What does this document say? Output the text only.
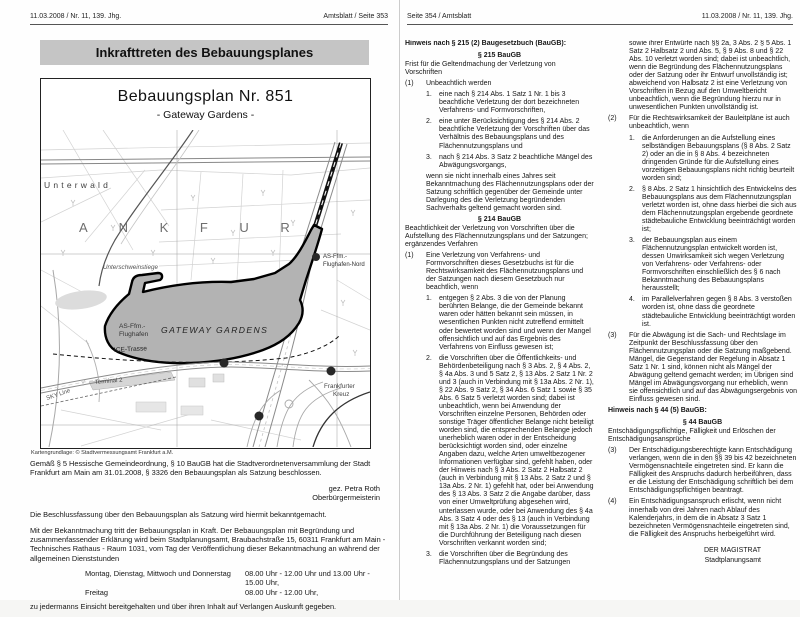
11.03.2008 / Nr. 11, 139. Jhg.	Amtsblatt / Seite 353
Inkrafttreten des Bebauungsplanes
Bebauungsplan Nr. 851
- Gateway Gardens -
Unterwald
A N K F U R
Unterschweinstiege
AS-Ffm.-
Flughafen-Nord
AS-Ffm.-
Flughafen GATEWAY GARDENS
ICE-Trasse
Terminal 2
SKY Line
Frankfurter
Kreuz
Kartengrundlage: © Stadtvermessungsamt Frankfurt a.M.

Gemäß § 5 Hessische Gemeindeordnung, § 10 BauGB hat die Stadtverordnetenversammlung der Stadt Frankfurt am Main am 31.01.2008, § 3326 den Bebauungsplan als Satzung beschlossen.

gez. Petra Roth
Oberbürgermeisterin

Die Beschlussfassung über den Bebauungsplan als Satzung wird hiermit bekanntgemacht.

Mit der Bekanntmachung tritt der Bebauungsplan in Kraft. Der Bebauungsplan mit Begründung und zusammenfassender Erklärung wird beim Stadtplanungsamt, Braubachstraße 15, 60311 Frankfurt am Main - Technisches Rathaus - Raum 1031, vom Tag der Veröffentlichung dieser Bekanntmachung an während der allgemeinen Dienststunden

Montag, Dienstag, Mittwoch und Donnerstag	08.00 Uhr - 12.00 Uhr und 13.00 Uhr - 15.00 Uhr,
Freitag	08.00 Uhr - 12.00 Uhr,

zu jedermanns Einsicht bereitgehalten und über ihren Inhalt auf Verlangen Auskunft gegeben.

Seite 354 / Amtsblatt	11.03.2008 / Nr. 11, 139. Jhg.
Hinweis nach § 215 (2) Baugesetzbuch (BauGB):
§ 215 BauGB
Frist für die Geltendmachung der Verletzung von Vorschriften
(1)	Unbeachtlich werden
1.	eine nach § 214 Abs. 1 Satz 1 Nr. 1 bis 3 beachtliche Verletzung der dort bezeichneten Verfahrens- und Formvorschriften,
2.	eine unter Berücksichtigung des § 214 Abs. 2 beachtliche Verletzung der Vorschriften über das Verhältnis des Bebauungsplans und des Flächennutzungsplans und
3.	nach § 214 Abs. 3 Satz 2 beachtliche Mängel des Abwägungsvorgangs,
wenn sie nicht innerhalb eines Jahres seit Bekanntmachung des Flächennutzungsplans oder der Satzung schriftlich gegenüber der Gemeinde unter Darlegung des die Verletzung begründenden Sachverhalts geltend gemacht worden sind.
§ 214 BauGB
Beachtlichkeit der Verletzung von Vorschriften über die Aufstellung des Flächennutzungsplans und der Satzungen; ergänzendes Verfahren
(1)	Eine Verletzung von Verfahrens- und Formvorschriften dieses Gesetzbuchs ist für die Rechtswirksamkeit des Flächennutzungsplans und der Satzungen nach diesem Gesetzbuch nur beachtlich, wenn
1.	entgegen § 2 Abs. 3 die von der Planung berührten Belange, die der Gemeinde bekannt waren oder hätten bekannt sein müssen, in wesentlichen Punkten nicht zutreffend ermittelt oder bewertet worden sind und wenn der Mangel offensichtlich und auf das Ergebnis des Verfahrens von Einfluss gewesen ist;
2.	die Vorschriften über die Öffentlichkeits- und Behördenbeteiligung nach § 3 Abs. 2, § 4 Abs. 2, § 4a Abs. 3 und 5 Satz 2, § 13 Abs. 2 Satz 1 Nr. 2 und 3 (auch in Verbindung mit § 13a Abs. 2 Nr. 1), § 22 Abs. 9 Satz 2, § 34 Abs. 6 Satz 1 sowie § 35 Abs. 6 Satz 5 verletzt worden sind; dabei ist unbeachtlich, wenn bei Anwendung der Vorschriften einzelne Personen, Behörden oder sonstige Träger öffentlicher Belange nicht beteiligt worden sind, die entsprechenden Belange jedoch unerheblich waren oder in der Entscheidung berücksichtigt worden sind, oder einzelne Angaben dazu, welche Arten umweltbezogener Informationen verfügbar sind, gefehlt haben, oder der Hinweis nach § 3 Abs. 2 Satz 2 Halbsatz 2 (auch in Verbindung mit § 13 Abs. 2 Satz 2 und § 13a Abs. 2 Nr. 1) gefehlt hat, oder bei Anwendung des § 13 Abs. 3 Satz 2 die Angabe darüber, dass von einer Umweltprüfung abgesehen wird, unterlassen wurde, oder bei Anwendung des § 4a Abs. 3 Satz 4 oder des § 13 (auch in Verbindung mit § 13a Abs. 2 Nr. 1) die Voraussetzungen für die Durchführung der Beteiligung nach diesen Vorschriften verkannt worden sind;
3.	die Vorschriften über die Begründung des Flächennutzungsplans und der Satzungen
sowie ihrer Entwürfe nach §§ 2a, 3 Abs. 2 § 5 Abs. 1 Satz 2 Halbsatz 2 und Abs. 5, § 9 Abs. 8 und § 22 Abs. 10 verletzt worden sind; dabei ist unbeachtlich, wenn die Begründung des Flächennutzungsplans oder der Satzung oder ihr Entwurf unvollständig ist; abweichend von Halbsatz 2 ist eine Verletzung von Vorschriften in Bezug auf den Umweltbericht unbeachtlich, wenn die Begründung hierzu nur in unwesentlichen Punkten unvollständig ist.
(2)	Für die Rechtswirksamkeit der Bauleitpläne ist auch unbeachtlich, wenn
1.	die Anforderungen an die Aufstellung eines selbständigen Bebauungsplans (§ 8 Abs. 2 Satz 2) oder an die in § 8 Abs. 4 bezeichneten dringenden Gründe für die Aufstellung eines vorzeitigen Bebauungsplans nicht richtig beurteilt worden sind;
2.	§ 8 Abs. 2 Satz 1 hinsichtlich des Entwickelns des Bebauungsplans aus dem Flächennutzungsplan verletzt worden ist, ohne dass hierbei die sich aus dem Flächennutzungsplan ergebende geordnete städtebauliche Entwicklung beeinträchtigt worden ist;
3.	der Bebauungsplan aus einem Flächennutzungsplan entwickelt worden ist, dessen Unwirksamkeit sich wegen Verletzung von Verfahrens- oder Verfahrens- oder Formvorschriften einschließlich des § 6 nach Bekanntmachung des Bebauungsplans herausstellt;
4.	im Parallelverfahren gegen § 8 Abs. 3 verstoßen worden ist, ohne dass die geordnete städtebauliche Entwicklung beeinträchtigt worden ist.
(3)	Für die Abwägung ist die Sach- und Rechtslage im Zeitpunkt der Beschlussfassung über den Flächennutzungsplan oder die Satzung maßgebend. Mängel, die Gegenstand der Regelung in Absatz 1 Satz 1 Nr. 1 sind, können nicht als Mängel der Abwägung geltend gemacht werden; im Übrigen sind Mängel im Abwägungsvorgang nur erheblich, wenn sie offensichtlich und auf das Abwägungsergebnis von Einfluss gewesen sind.
Hinweis nach § 44 (5) BauGB:
§ 44 BauGB
Entschädigungspflichtige, Fälligkeit und Erlöschen der Entschädigungsansprüche
(3)	Der Entschädigungsberechtigte kann Entschädigung verlangen, wenn die in den §§ 39 bis 42 bezeichneten Vermögensnachteile eingetreten sind. Er kann die Fälligkeit des Anspruchs dadurch herbeiführen, dass er die Leistung der Entschädigung schriftlich bei dem Entschädigungspflichtigen beantragt.
(4)	Ein Entschädigungsanspruch erlischt, wenn nicht innerhalb von drei Jahren nach Ablauf des Kalenderjahrs, in dem die in Absatz 3 Satz 1 bezeichneten Vermögensnachteile eingetreten sind, die Fälligkeit des Anspruchs herbeigeführt wird.
DER MAGISTRAT
Stadtplanungsamt
